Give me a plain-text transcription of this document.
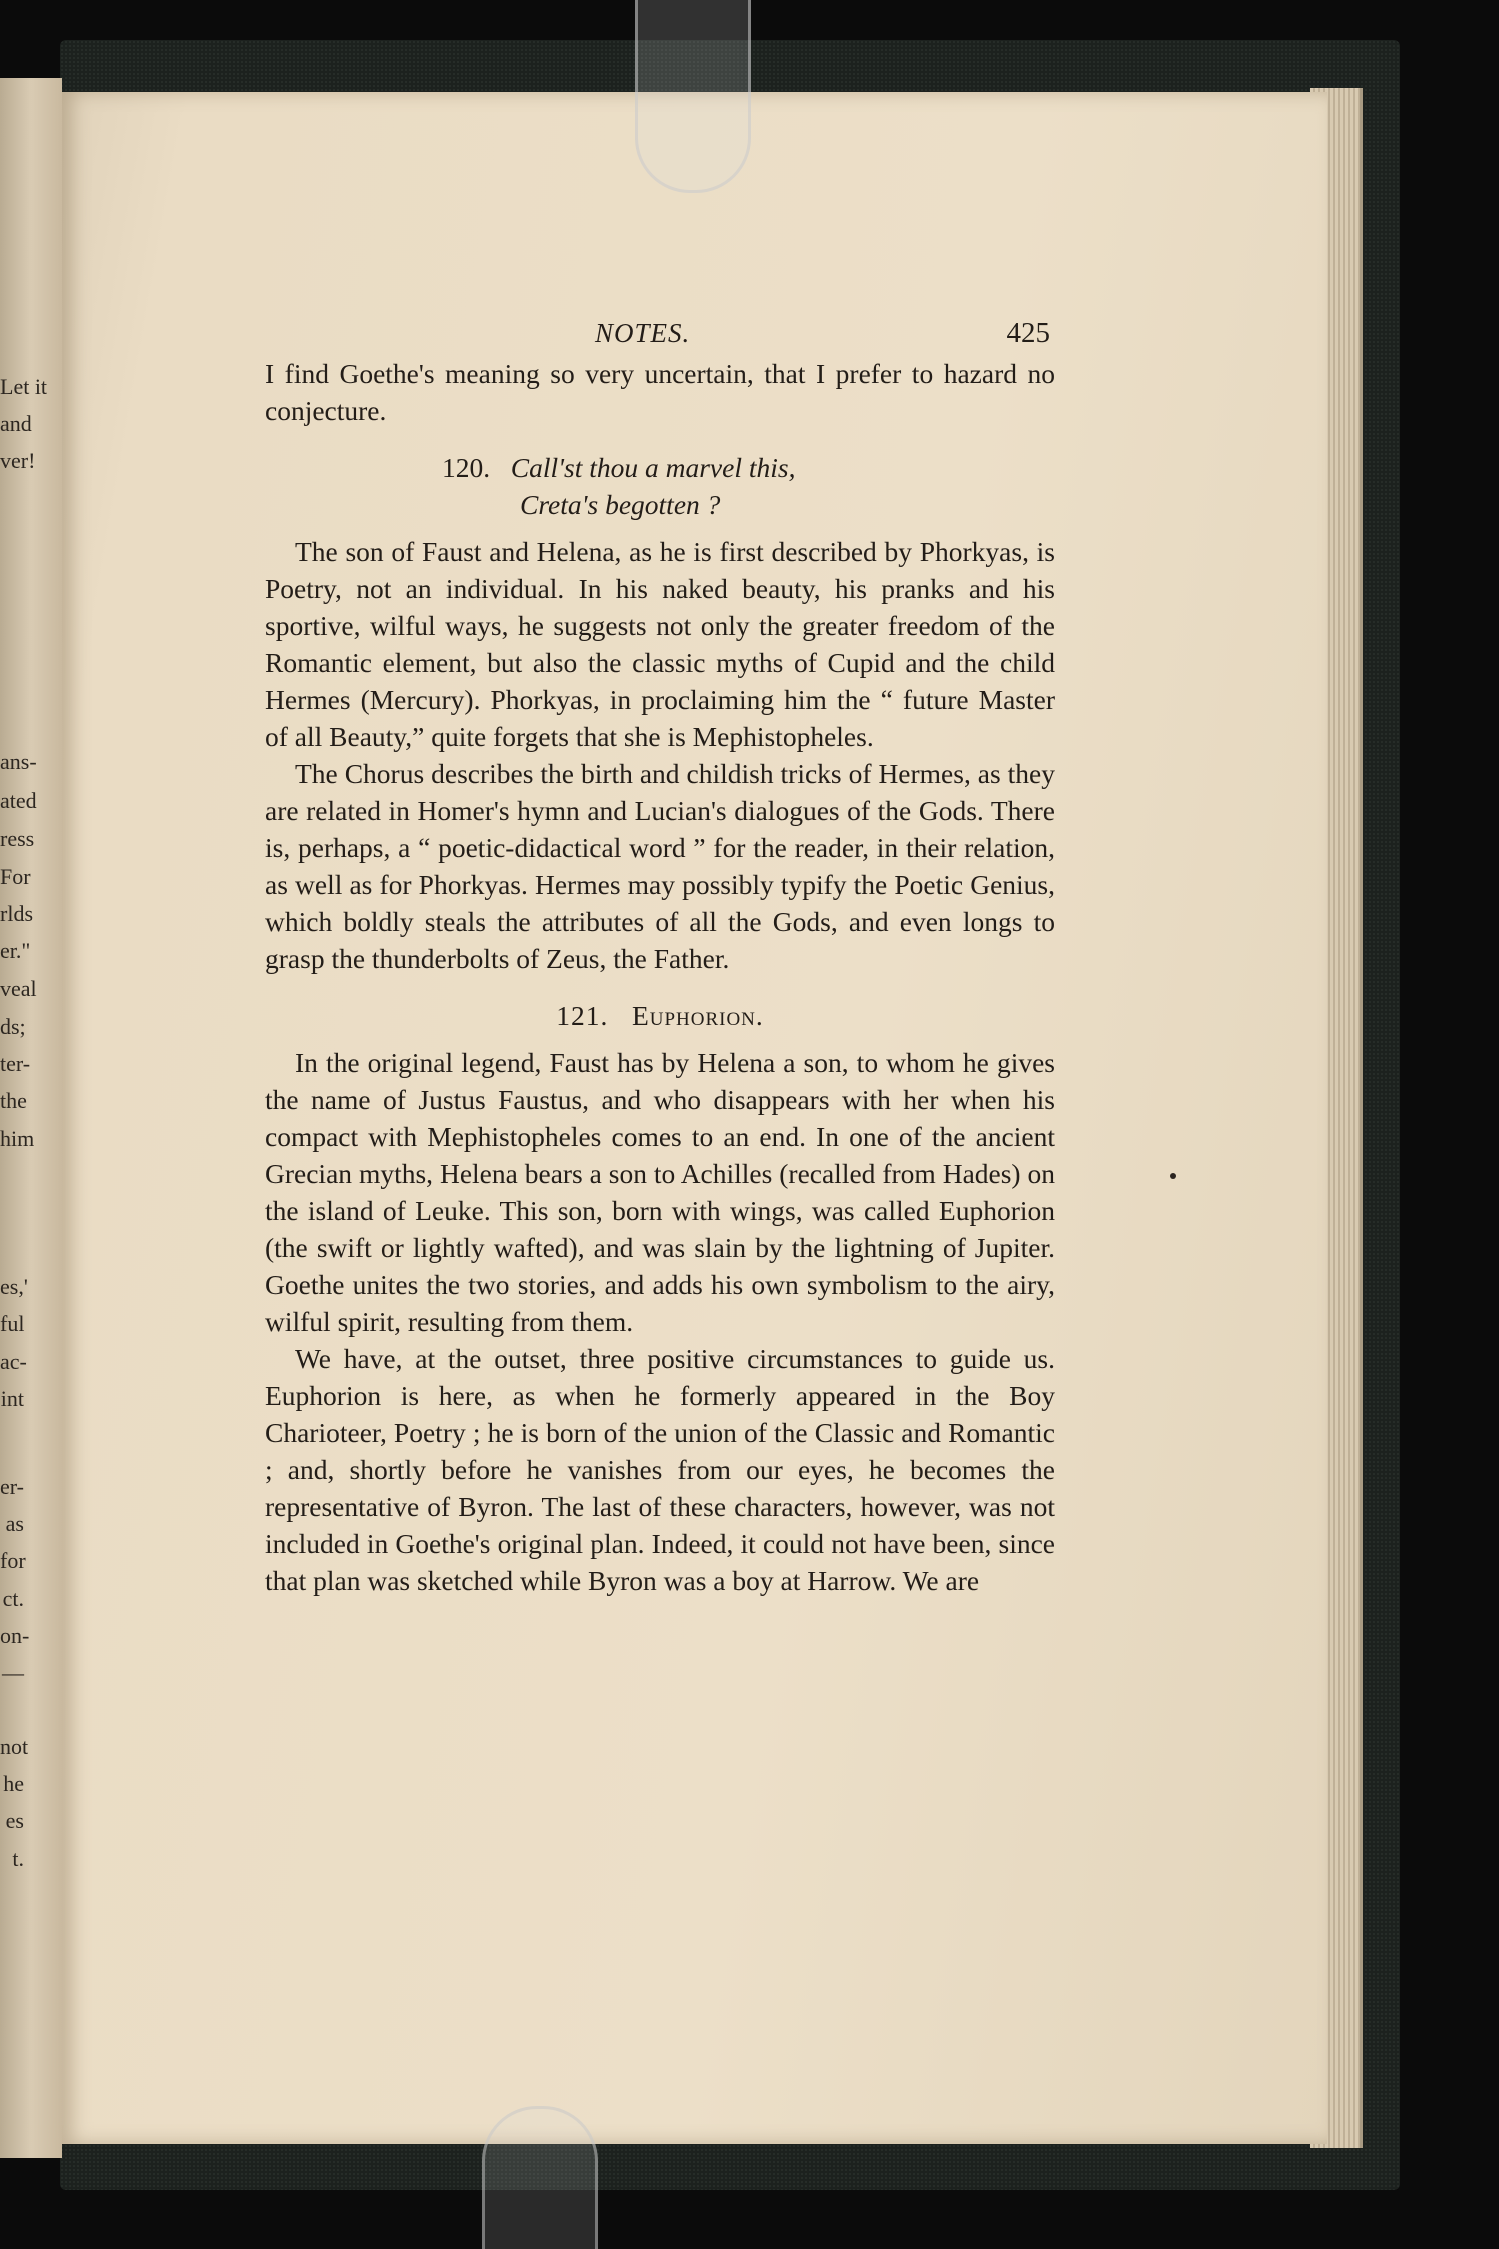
Let it
and
ver!
ans-
ated
ress
For
rlds
er."
veal
ds;
ter-
the
him
es,'
ful
ac-
int
er-
as
for
ct.
on-
—
not
he
es
t.
NOTES.	425

I find Goethe's meaning so very uncertain, that I prefer to hazard no conjecture.

120. Call'st thou a marvel this,
Creta's begotten ?

The son of Faust and Helena, as he is first described by Phorkyas, is Poetry, not an individual. In his naked beauty, his pranks and his sportive, wilful ways, he suggests not only the greater freedom of the Romantic element, but also the classic myths of Cupid and the child Hermes (Mercury). Phorkyas, in proclaiming him the “ future Master of all Beauty,” quite forgets that she is Mephistopheles.

The Chorus describes the birth and childish tricks of Hermes, as they are related in Homer's hymn and Lucian's dialogues of the Gods. There is, perhaps, a “ poetic-didactical word ” for the reader, in their relation, as well as for Phorkyas. Hermes may possibly typify the Poetic Genius, which boldly steals the attributes of all the Gods, and even longs to grasp the thunderbolts of Zeus, the Father.

121. Euphorion.

In the original legend, Faust has by Helena a son, to whom he gives the name of Justus Faustus, and who disappears with her when his compact with Mephistopheles comes to an end. In one of the ancient Grecian myths, Helena bears a son to Achilles (recalled from Hades) on the island of Leuke. This son, born with wings, was called Euphorion (the swift or lightly wafted), and was slain by the lightning of Jupiter. Goethe unites the two stories, and adds his own symbolism to the airy, wilful spirit, resulting from them.

We have, at the outset, three positive circumstances to guide us. Euphorion is here, as when he formerly appeared in the Boy Charioteer, Poetry ; he is born of the union of the Classic and Romantic ; and, shortly before he vanishes from our eyes, he becomes the representative of Byron. The last of these characters, however, was not included in Goethe's original plan. Indeed, it could not have been, since that plan was sketched while Byron was a boy at Harrow. We are
